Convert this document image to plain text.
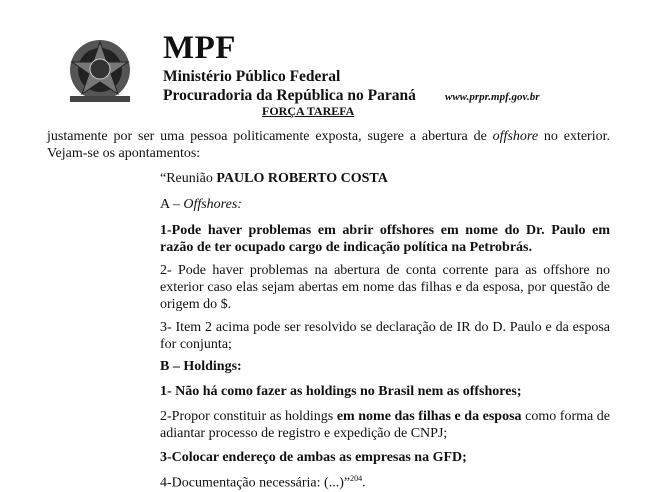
MPF
Ministério Público Federal
Procuradoria da República no Paraná	www.prpr.mpf.gov.br
FORÇA TAREFA
justamente por ser uma pessoa politicamente exposta, sugere a abertura de offshore no exterior. Vejam-se os apontamentos:
“Reunião PAULO ROBERTO COSTA
A – Offshores:
1-Pode haver problemas em abrir offshores em nome do Dr. Paulo em razão de ter ocupado cargo de indicação política na Petrobrás.
2- Pode haver problemas na abertura de conta corrente para as offshore no exterior caso elas sejam abertas em nome das filhas e da esposa, por questão de origem do $.
3- Item 2 acima pode ser resolvido se declaração de IR do D. Paulo e da esposa for conjunta;
B – Holdings:
1- Não há como fazer as holdings no Brasil nem as offshores;
2-Propor constituir as holdings em nome das filhas e da esposa como forma de adiantar processo de registro e expedição de CNPJ;
3-Colocar endereço de ambas as empresas na GFD;
4-Documentação necessária: (...)”$^{204}$.
